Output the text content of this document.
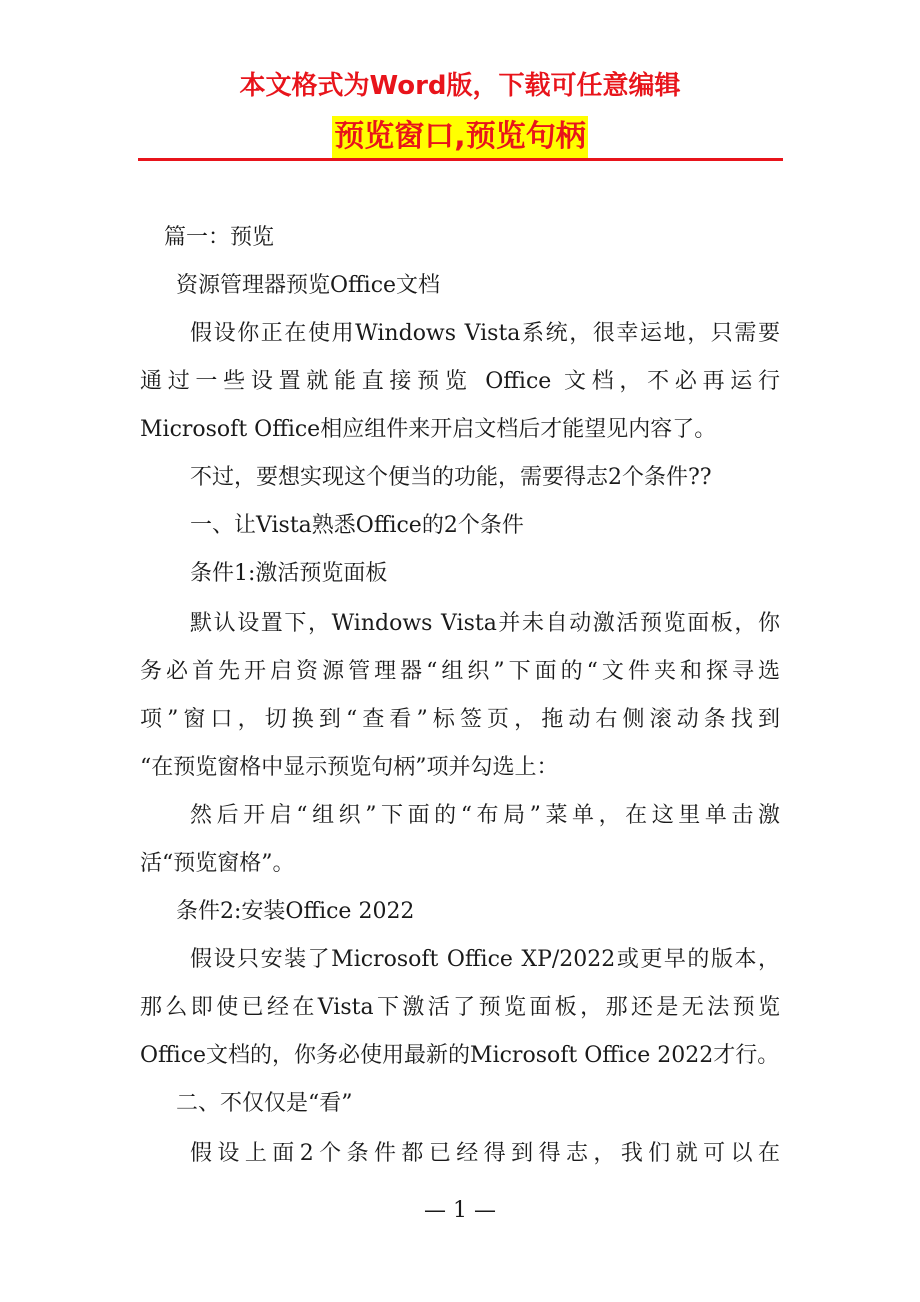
本文格式为Word版，下载可任意编辑
预览窗口,预览句柄

篇一：预览

资源管理器预览Office文档

假设你正在使用Windows Vista系统，很幸运地，只需要

通过一些设置就能直接预览 Office 文档，不必再运行

Microsoft Office相应组件来开启文档后才能望见内容了。

不过，要想实现这个便当的功能，需要得志2个条件??

一、让Vista熟悉Office的2个条件

条件1:激活预览面板

默认设置下，Windows Vista并未自动激活预览面板，你

务必首先开启资源管理器“组织”下面的“文件夹和探寻选

项”窗口，切换到“查看”标签页，拖动右侧滚动条找到

“在预览窗格中显示预览句柄”项并勾选上：

然后开启“组织”下面的“布局”菜单，在这里单击激

活“预览窗格”。

条件2:安装Office 2022

假设只安装了Microsoft Office XP/2022或更早的版本，

那么即使已经在Vista下激活了预览面板，那还是无法预览

Office文档的，你务必使用最新的Microsoft Office 2022才行。

二、不仅仅是“看”

假设上面2个条件都已经得到得志，我们就可以在

— 1 —
